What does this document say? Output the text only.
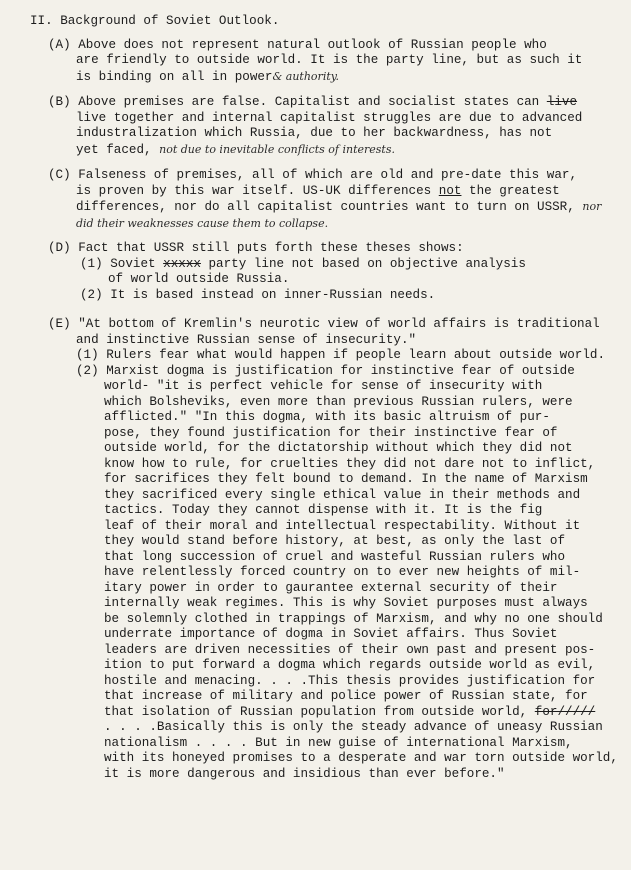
II. Background of Soviet Outlook.
(A) Above does not represent natural outlook of Russian people who
are friendly to outside world. It is the party line, but as such it
is binding on all in power& authority.
(B) Above premises are false. Capitalist and socialist states can live
live together and internal capitalist struggles are due to advanced
industralization which Russia, due to her backwardness, has not
yet faced, not due to inevitable conflicts of interests.
(C) Falseness of premises, all of which are old and pre-date this war,
is proven by this war itself. US-UK differences not the greatest
differences, nor do all capitalist countries want to turn on USSR, nor
did their weaknesses cause them to collapse.
(D) Fact that USSR still puts forth these theses shows:
(1) Soviet xxxxx party line not based on objective analysis
of world outside Russia.
(2) It is based instead on inner-Russian needs.
(E) "At bottom of Kremlin's neurotic view of world affairs is traditional
and instinctive Russian sense of insecurity."
(1) Rulers fear what would happen if people learn about outside world.
(2) Marxist dogma is justification for instinctive fear of outside
world- "it is perfect vehicle for sense of insecurity with
which Bolsheviks, even more than previous Russian rulers, were
afflicted." "In this dogma, with its basic altruism of pur-
pose, they found justification for their instinctive fear of
outside world, for the dictatorship without which they did not
know how to rule, for cruelties they did not dare not to inflict,
for sacrifices they felt bound to demand. In the name of Marxism
they sacrificed every single ethical value in their methods and
tactics. Today they cannot dispense with it. It is the fig
leaf of their moral and intellectual respectability. Without it
they would stand before history, at best, as only the last of
that long succession of cruel and wasteful Russian rulers who
have relentlessly forced country on to ever new heights of mil-
itary power in order to gaurantee external security of their
internally weak regimes. This is why Soviet purposes must always
be solemnly clothed in trappings of Marxism, and why no one should
underrate importance of dogma in Soviet affairs. Thus Soviet
leaders are driven necessities of their own past and present pos-
ition to put forward a dogma which regards outside world as evil,
hostile and menacing. . . .This thesis provides justification for
that increase of military and police power of Russian state, for
that isolation of Russian population from outside world, for/////
. . . .Basically this is only the steady advance of uneasy Russian
nationalism . . . . But in new guise of international Marxism,
with its honeyed promises to a desperate and war torn outside world,
it is more dangerous and insidious than ever before."
